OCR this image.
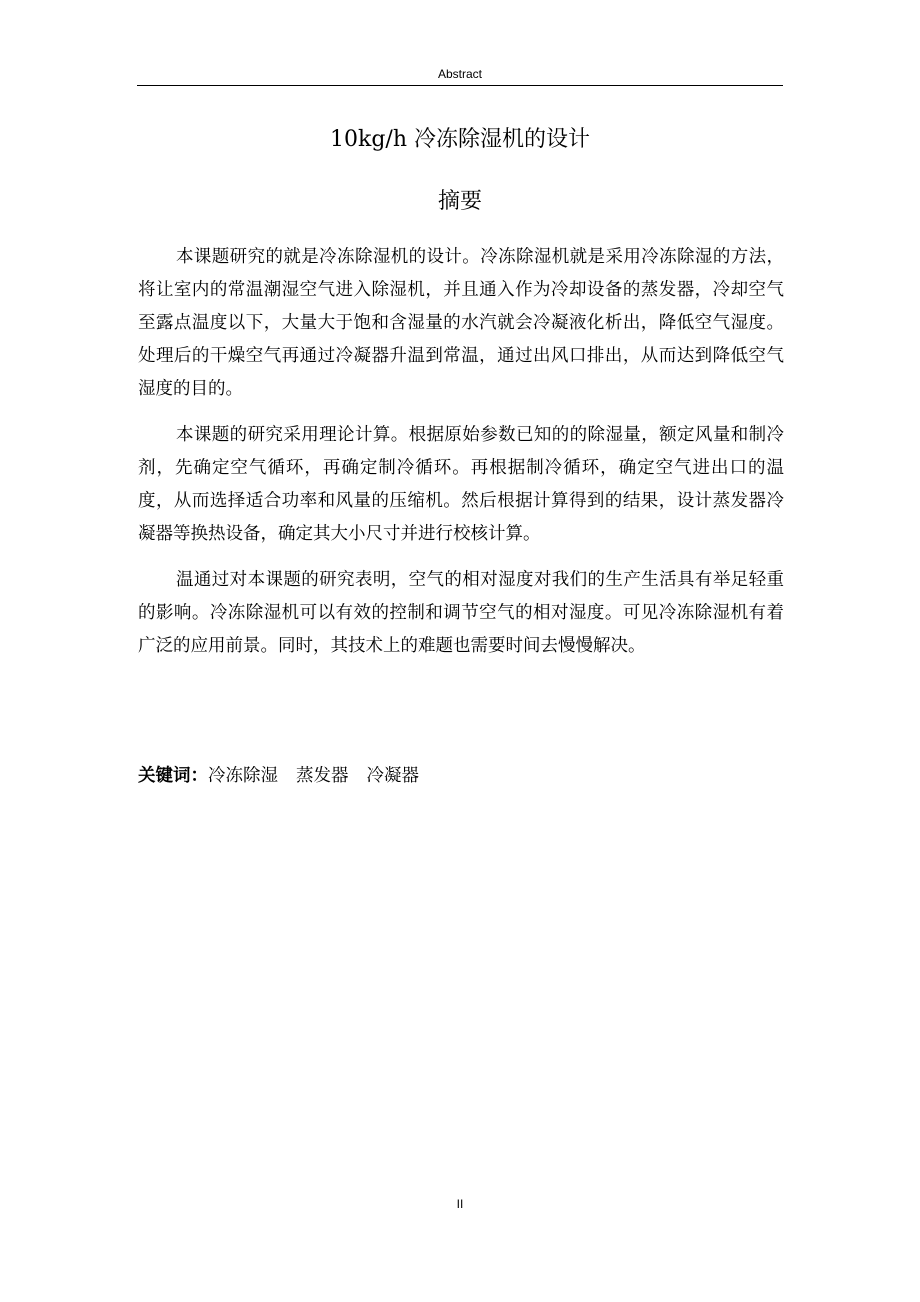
Abstract
10kg/h 冷冻除湿机的设计
摘要

本课题研究的就是冷冻除湿机的设计。冷冻除湿机就是采用冷冻除湿的方法，将让室内的常温潮湿空气进入除湿机，并且通入作为冷却设备的蒸发器，冷却空气至露点温度以下，大量大于饱和含湿量的水汽就会冷凝液化析出，降低空气湿度。处理后的干燥空气再通过冷凝器升温到常温，通过出风口排出，从而达到降低空气湿度的目的。

本课题的研究采用理论计算。根据原始参数已知的的除湿量，额定风量和制冷剂，先确定空气循环，再确定制冷循环。再根据制冷循环，确定空气进出口的温度，从而选择适合功率和风量的压缩机。然后根据计算得到的结果，设计蒸发器冷凝器等换热设备，确定其大小尺寸并进行校核计算。

温通过对本课题的研究表明，空气的相对湿度对我们的生产生活具有举足轻重的影响。冷冻除湿机可以有效的控制和调节空气的相对湿度。可见冷冻除湿机有着广泛的应用前景。同时，其技术上的难题也需要时间去慢慢解决。

关键词：冷冻除湿 蒸发器 冷凝器
II
